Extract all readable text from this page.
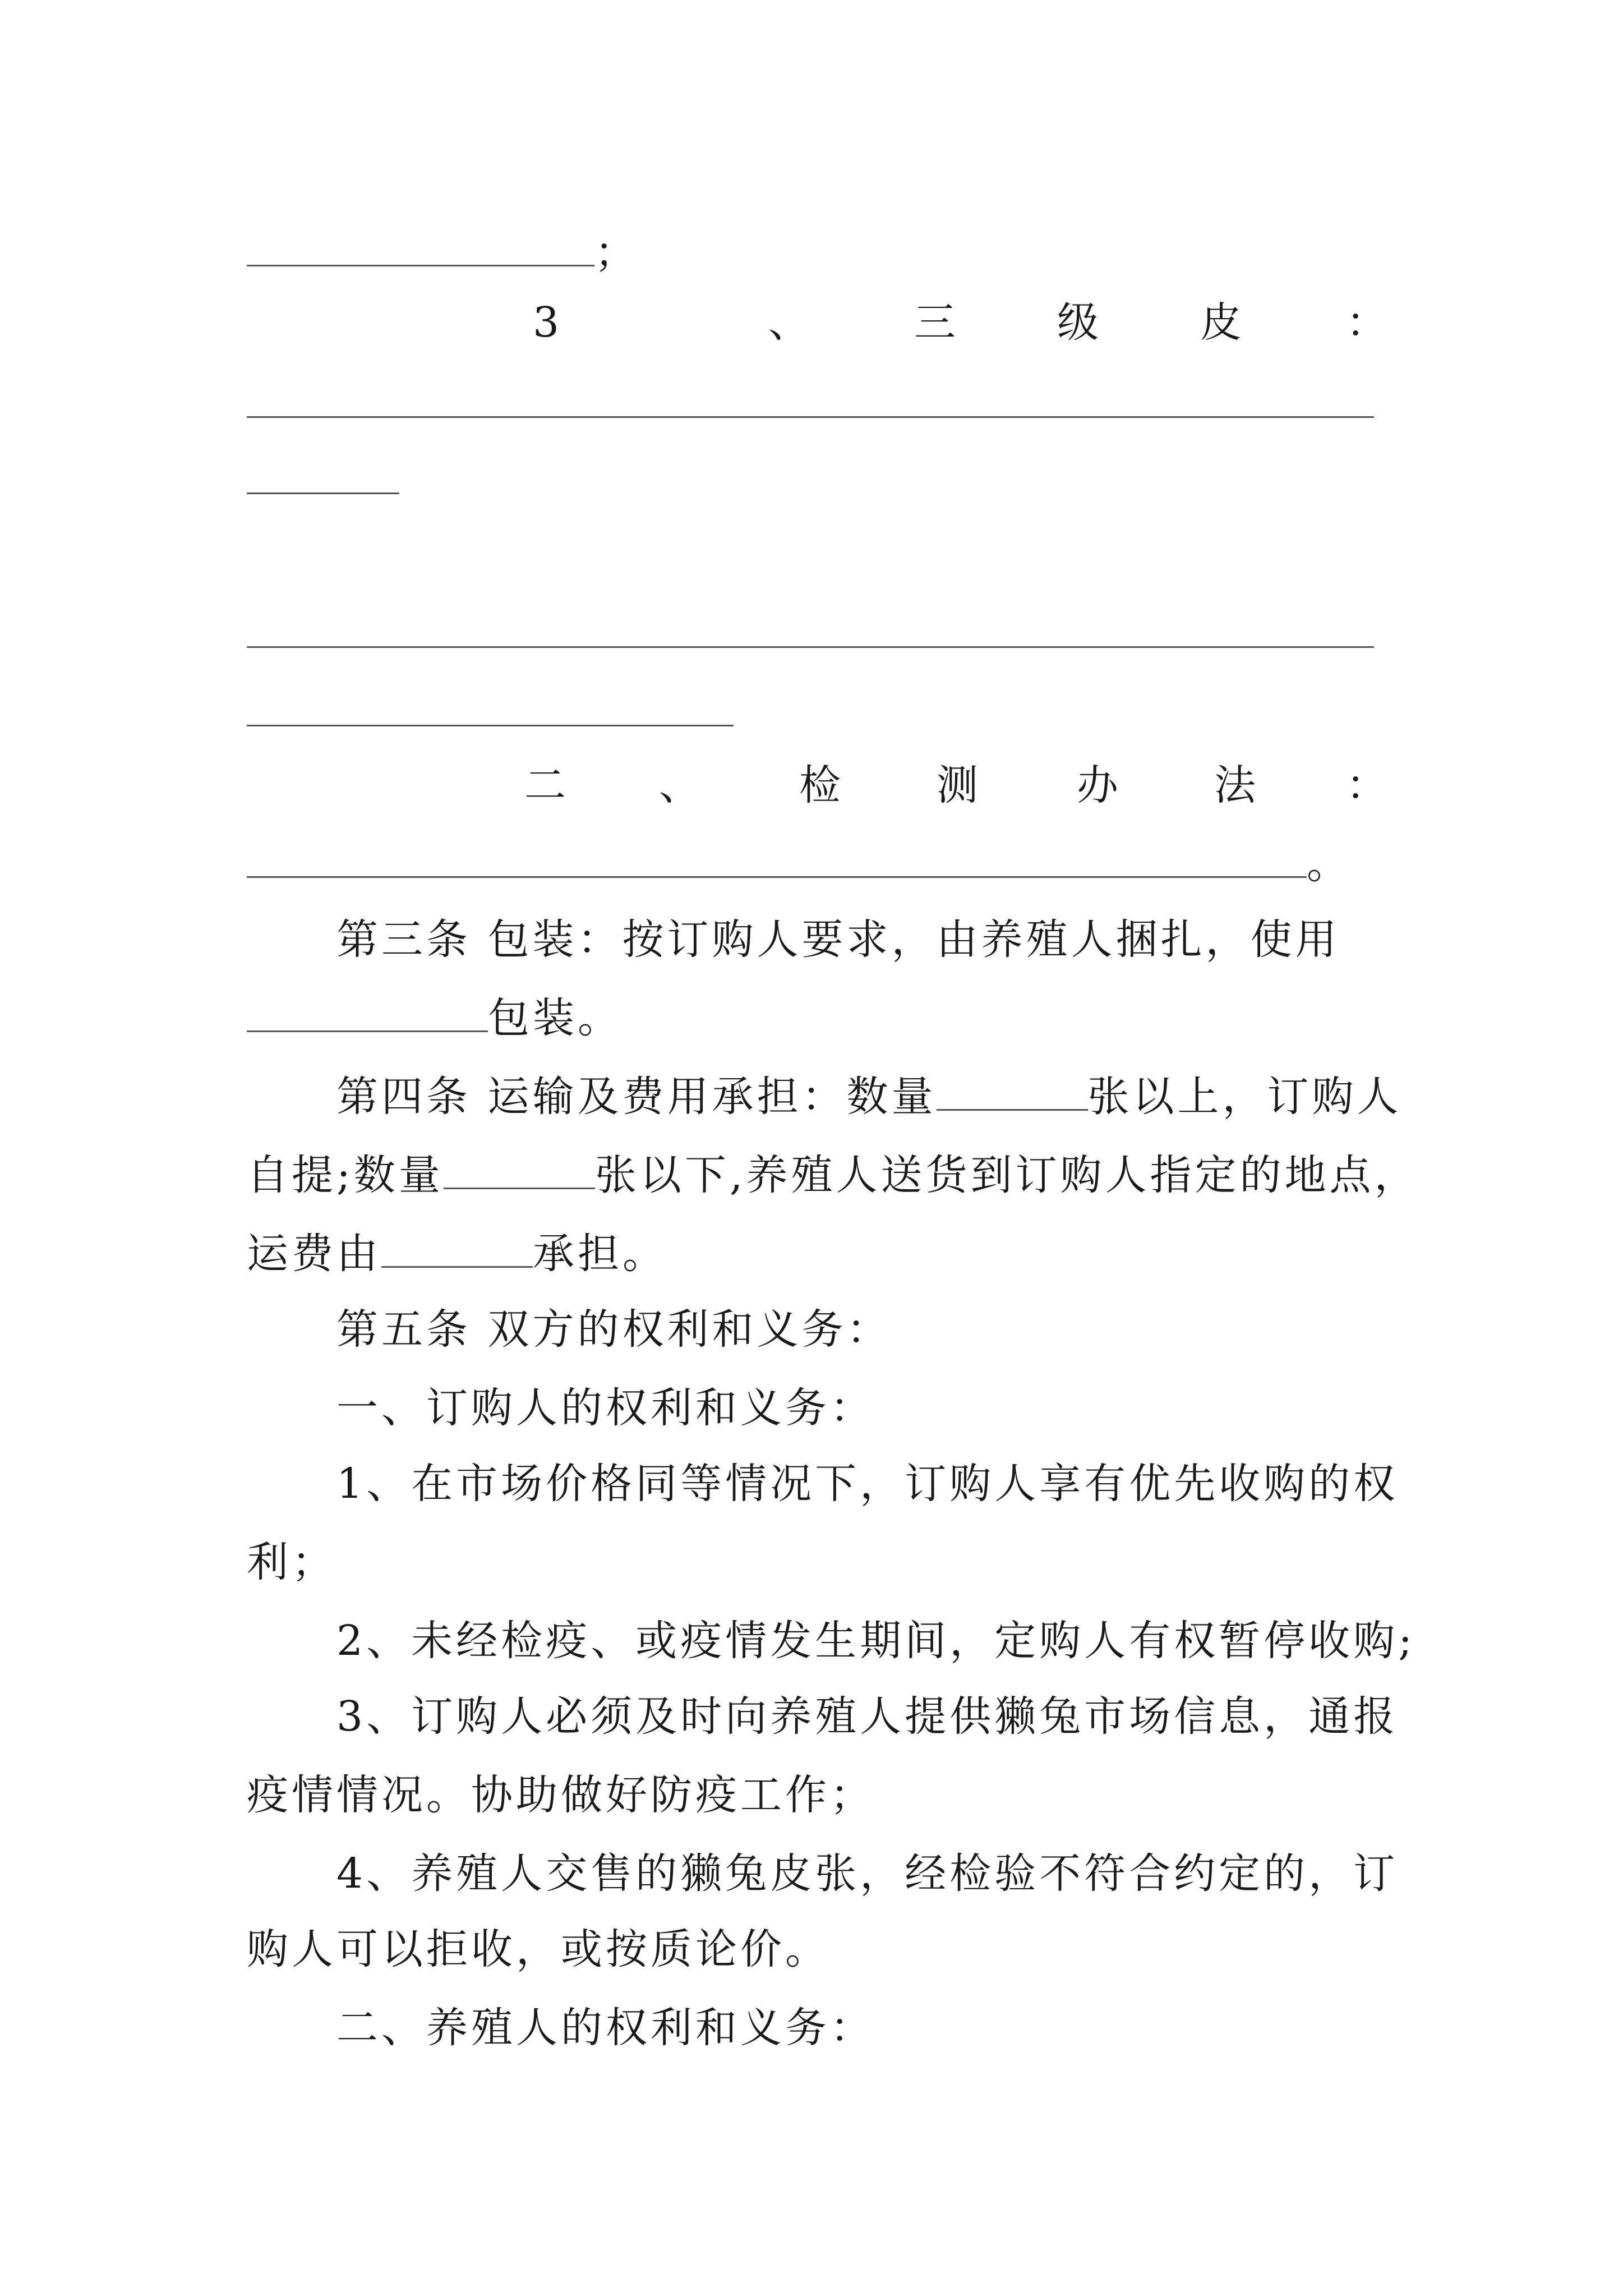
；
3	、	三 级 皮	：
二 、 检 测 办 法 ：
。
第三条 包装：按订购人要求，由养殖人捆扎，使用
包装。
第四条 运输及费用承担：数量	张以上，订购人
自提;数量	张以下,养殖人送货到订购人指定的地点，
运费由	承担。
第五条 双方的权利和义务：
一、订购人的权利和义务：
1、在市场价格同等情况下，订购人享有优先收购的权
利；
2、未经检疫、或疫情发生期间，定购人有权暂停收购;
3、订购人必须及时向养殖人提供獭兔市场信息，通报
疫情情况。协助做好防疫工作；
4、养殖人交售的獭兔皮张，经检验不符合约定的，订
购人可以拒收，或按质论价。
二、养殖人的权利和义务：
